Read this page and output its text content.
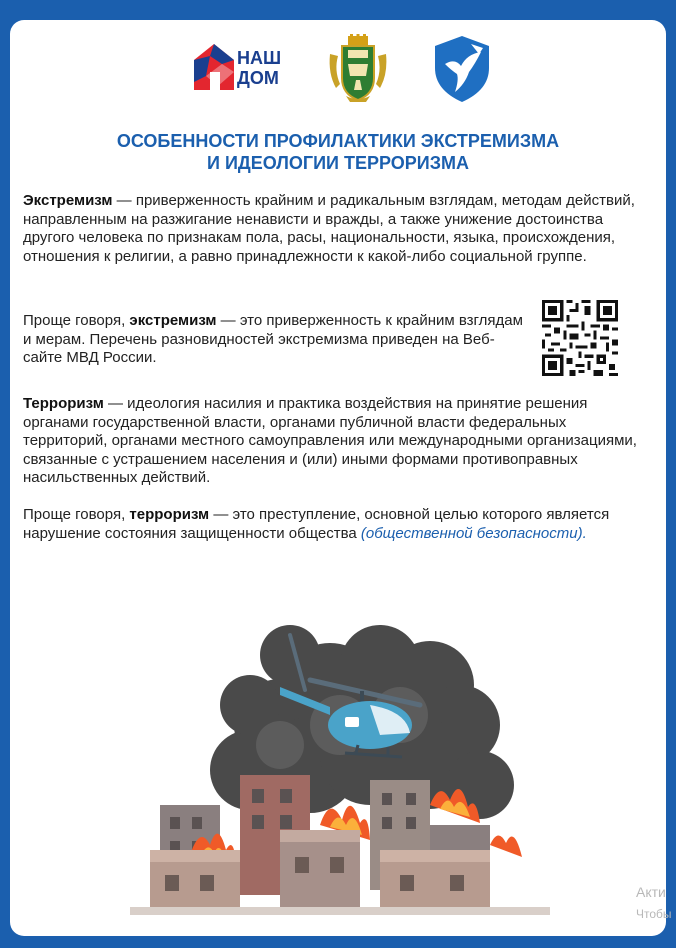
НАШ
ДОМ
ОСОБЕННОСТИ ПРОФИЛАКТИКИ ЭКСТРЕМИЗМА
И ИДЕОЛОГИИ ТЕРРОРИЗМА

Экстремизм — приверженность крайним и радикальным взглядам, методам действий, направленным на разжигание ненависти и вражды, а также унижение достоинства другого человека по признакам пола, расы, национальности, языка, происхождения, отношения к религии, а равно принадлежности к какой-либо социальной группе.

Проще говоря, экстремизм — это приверженность к крайним взглядам и мерам. Перечень разновидностей экстремизма приведен на Веб-сайте МВД России.

Терроризм — идеология насилия и практика воздействия на принятие решения органами государственной власти, органами публичной власти федеральных территорий, органами местного самоуправления или международными организациями, связанные с устрашением населения и (или) иными формами противоправных насильственных действий.

Проще говоря, терроризм — это преступление, основной целью которого является нарушение состояния защищенности общества (общественной безопасности).

Акти
Чтобы
